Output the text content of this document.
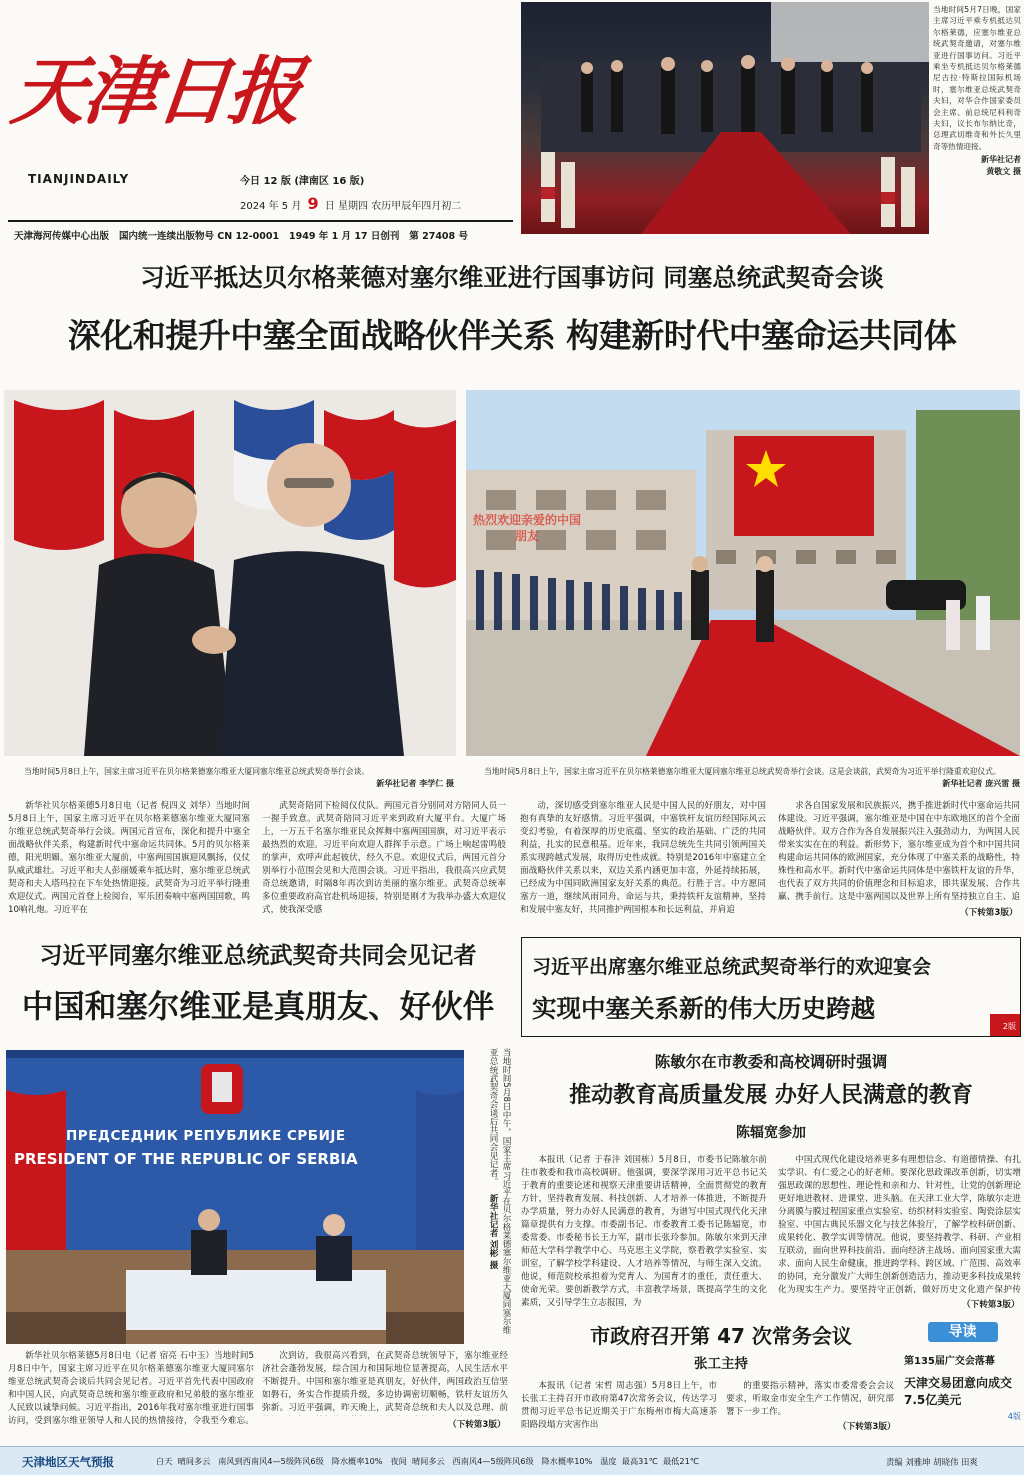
天津日报
TIANJINDAILY	今日 12 版 (津南区 16 版)
2024 年 5 月 9 日 星期四 农历甲辰年四月初二
天津海河传媒中心出版 国内统一连续出版物号 CN 12-0001 1949 年 1 月 17 日创刊 第 27408 号
当地时间5月7日晚，国家主席习近平乘专机抵达贝尔格莱德，应塞尔维亚总统武契奇邀请，对塞尔维亚进行国事访问。习近平乘坐专机抵达贝尔格莱德尼古拉·特斯拉国际机场时，塞尔维亚总统武契奇夫妇，对华合作国家委员会主席、前总统尼科利奇夫妇，议长布尔纳比奇，总理武切维奇和外长久里奇等热情迎接。
新华社记者
黄敬文 摄
习近平抵达贝尔格莱德对塞尔维亚进行国事访问 同塞总统武契奇会谈
深化和提升中塞全面战略伙伴关系 构建新时代中塞命运共同体
热烈欢迎亲爱的中国朋友
当地时间5月8日上午，国家主席习近平在贝尔格莱德塞尔维亚大厦同塞尔维亚总统武契奇举行会谈。
新华社记者 李学仁 摄
当地时间5月8日上午，国家主席习近平在贝尔格莱德塞尔维亚大厦同塞尔维亚总统武契奇举行会谈。这是会谈前，武契奇为习近平举行隆重欢迎仪式。
新华社记者 庞兴雷 摄
新华社贝尔格莱德5月8日电（记者 倪四义 刘华）当地时间5月8日上午，国家主席习近平在贝尔格莱德塞尔维亚大厦同塞尔维亚总统武契奇举行会谈。两国元首宣布，深化和提升中塞全面战略伙伴关系，构建新时代中塞命运共同体。5月的贝尔格莱德，阳光明媚。塞尔维亚大厦前，中塞两国国旗迎风飘扬，仪仗队威武雄壮。习近平和夫人彭丽媛乘车抵达时，塞尔维亚总统武契奇和夫人塔玛拉在下车处热情迎接。武契奇为习近平举行隆重欢迎仪式。两国元首登上检阅台，军乐团奏响中塞两国国歌，鸣10响礼炮。习近平在
武契奇陪同下检阅仪仗队。两国元首分别同对方陪同人员一一握手致意。武契奇陪同习近平来到政府大厦平台。大厦广场上，一万五千名塞尔维亚民众挥舞中塞两国国旗，对习近平表示最热烈的欢迎。习近平向欢迎人群挥手示意。广场上响起雷鸣般的掌声，欢呼声此起彼伏，经久不息。欢迎仪式后，两国元首分别举行小范围会见和大范围会谈。习近平指出，我很高兴应武契奇总统邀请，时隔8年再次到访美丽的塞尔维亚。武契奇总统率多位重要政府高官赴机场迎接，特别是刚才为我举办盛大欢迎仪式，使我深受感
动，深切感受到塞尔维亚人民是中国人民的好朋友，对中国抱有真挚的友好感情。习近平强调，中塞铁杆友谊历经国际风云变幻考验，有着深厚的历史底蕴、坚实的政治基础、广泛的共同利益，扎实的民意根基。近年来，我同总统先生共同引领两国关系实现跨越式发展，取得历史性成就。特别是2016年中塞建立全面战略伙伴关系以来，双边关系内涵更加丰富，外延持续拓展，已经成为中国同欧洲国家友好关系的典范。行胜于言。中方愿同塞方一道，继续风雨同舟，命运与共，秉持铁杆友谊精神，坚持和发展中塞友好，共同推护两国根本和长远利益，并肩追
求各自国家发展和民族振兴，携手推进新时代中塞命运共同体建设。习近平强调，塞尔维亚是中国在中东欧地区的首个全面战略伙伴。双方合作为各自发展振兴注入强劲动力，为两国人民带来实实在在的利益。新形势下，塞尔维亚成为首个和中国共同构建命运共同体的欧洲国家，充分体现了中塞关系的战略性，特殊性和高水平。新时代中塞命运共同体是中塞铁杆友谊的升华，也代表了双方共同的价值理念和目标追求，即共谋发展、合作共赢、携手前行。这是中塞两国以及世界上所有坚持独立自主、追
（下转第3版）
习近平同塞尔维亚总统武契奇共同会见记者
中国和塞尔维亚是真朋友、好伙伴
ПРЕДСЕДНИК РЕПУБЛИКЕ СРБИЈЕ
PRESIDENT OF THE REPUBLIC OF SERBIA	当地时间5月8日中午，国家主席习近平在贝尔格莱德塞尔维亚大厦同塞尔维亚总统武契奇会谈后共同会见记者。 新华社记者 刘彬 摄
新华社贝尔格莱德5月8日电（记者 宿亮 石中玉）当地时间5月8日中午，国家主席习近平在贝尔格莱德塞尔维亚大厦同塞尔维亚总统武契奇会谈后共同会见记者。习近平首先代表中国政府和中国人民，向武契奇总统和塞尔维亚政府和兄弟般的塞尔维亚人民致以诚挚问候。习近平指出，2016年我对塞尔维亚进行国事访问，受到塞尔维亚领导人和人民的热情接待，令我至今难忘。
次到访，我很高兴看到，在武契奇总统领导下，塞尔维亚经济社会蓬勃发展，综合国力和国际地位显著提高，人民生活水平不断提升。中国和塞尔维亚是真朋友，好伙伴，两国政治互信坚如磐石，务实合作提质升级，多边协调密切顺畅，铁杆友谊历久弥新。习近平强调，昨天晚上，武契奇总统和夫人以及总理、前
（下转第3版）
习近平出席塞尔维亚总统武契奇举行的欢迎宴会
实现中塞关系新的伟大历史跨越
2版
陈敏尔在市教委和高校调研时强调
推动教育高质量发展 办好人民满意的教育
陈辐宽参加
本报讯（记者 于春沣 刘国栋）5月8日，市委书记陈敏尔前往市教委和我市高校调研。他强调，要深学深用习近平总书记关于教育的重要论述和视察天津重要讲话精神，全面贯彻党的教育方针，坚持教育发展、科技创新、人才培养一体推进，不断提升办学质量，努力办好人民满意的教育，为谱写中国式现代化天津篇章提供有力支撑。市委副书记、市委教育工委书记陈辐宽，市委常委、市委秘书长王力军，副市长张玲参加。陈敏尔来到天津师范大学科学教学中心、马克思主义学院，察看教学实验室、实训室，了解学校学科建设、人才培养等情况，与师生深入交流。他说，师范院校承担着为党育人、为国育才的重任，责任重大、使命光荣。要创新教学方式，丰富教学场景，既提高学生的文化素质，又引导学生立志报国，为
中国式现代化建设培养更多有理想信念、有道德情操、有扎实学识、有仁爱之心的好老师。要深化思政课改革创新，切实增强思政课的思想性、理论性和亲和力、针对性，让党的创新理论更好地进教材、进课堂、进头脑。在天津工业大学，陈敏尔走进分离膜与膜过程国家重点实验室、纺织材料实验室、陶瓷涂层实验室、中国古典民乐器文化与技艺体验厅，了解学校科研创新、成果转化、教学实训等情况。他说，要坚持教学、科研、产业相互联动，面向世界科技前沿、面向经济主战场、面向国家重大需求、面向人民生命健康，推进跨学科、跨区域、广范围、高效率的协同，充分激发广大师生创新创造活力，推动更多科技成果转化为现实生产力。要坚持守正创新，做好历史文化遗产保护传
（下转第3版）
市政府召开第 47 次常务会议
张工主持
本报讯（记者 宋哲 周志强）5月8日上午，市长张工主持召开市政府第47次常务会议，传达学习贯彻习近平总书记近期关于广东梅州市梅大高速茶阳路段塌方灾害作出
的重要指示精神，落实市委常委会会议要求，听取金市安全生产工作情况，研究部署下一步工作。
（下转第3版）
导读
第135届广交会落幕
天津交易团意向成交7.5亿美元
4版
天津地区天气预报	白天  晴间多云   南风到西南风4—5级阵风6级   降水概率10%   夜间  晴间多云   西南风4—5级阵风6级   降水概率10%   温度  最高31℃  最低21℃	责编 刘雅坤 胡晓伟 田爽
